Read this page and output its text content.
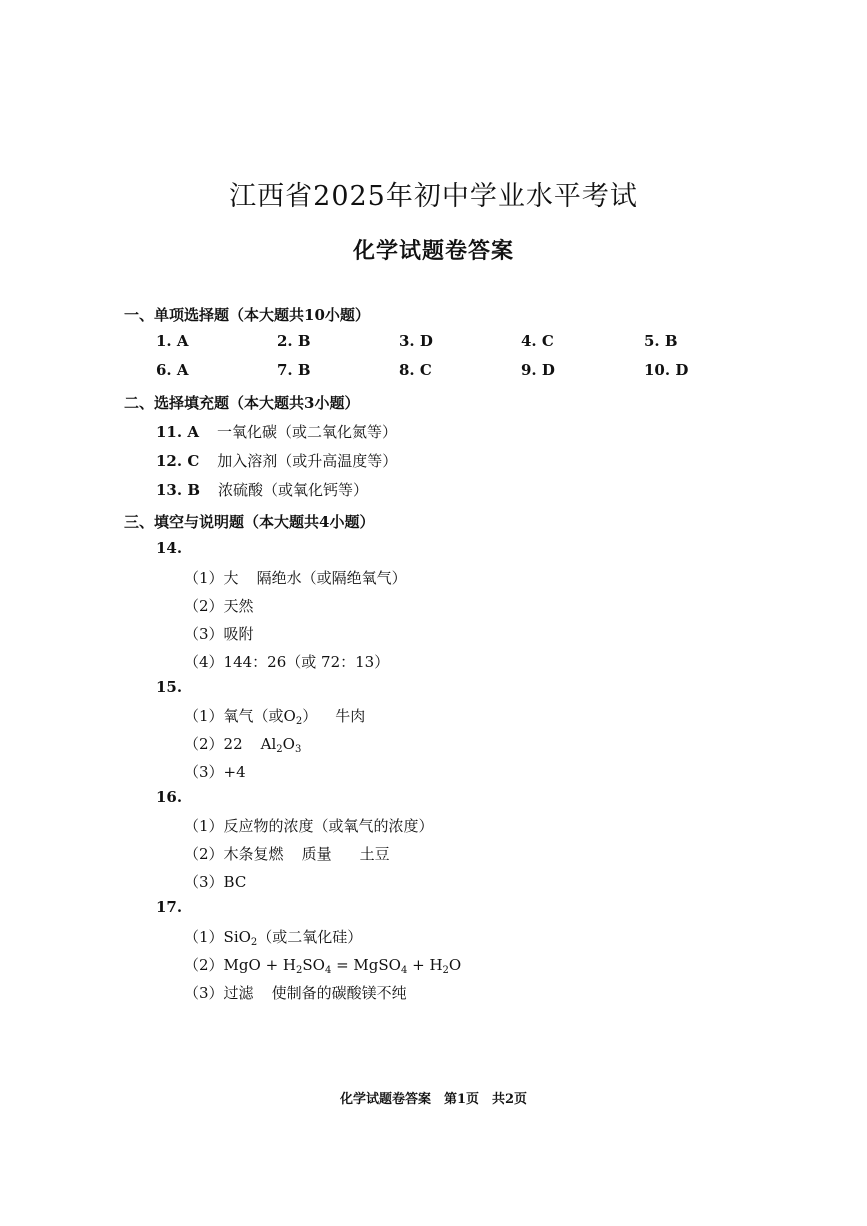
江西省2025年初中学业水平考试
化学试题卷答案
一、单项选择题（本大题共10小题）
1. A	2. B	3. D	4. C	5. B
6. A	7. B	8. C	9. D	10. D
二、选择填充题（本大题共3小题）
11. A 一氧化碳（或二氧化氮等）
12. C 加入溶剂（或升高温度等）
13. B 浓硫酸（或氧化钙等）
三、填空与说明题（本大题共4小题）
14.
（1）大 隔绝水（或隔绝氧气）
（2）天然
（3）吸附
（4）144：26（或 72：13）
15.
（1）氧气（或$O_2$） 牛肉
（2）22 $Al_2O_3$
（3）+4
16.
（1）反应物的浓度（或氧气的浓度）
（2）木条复燃 质量 土豆
（3）BC
17.
（1）SiO$_2$（或二氧化硅）
$(2)MgO + H_2SO_4$ = MgSO$_4$ + $H_2O$
（3）过滤 使制备的碳酸镁不纯
化学试题卷答案　第1页　共2页
